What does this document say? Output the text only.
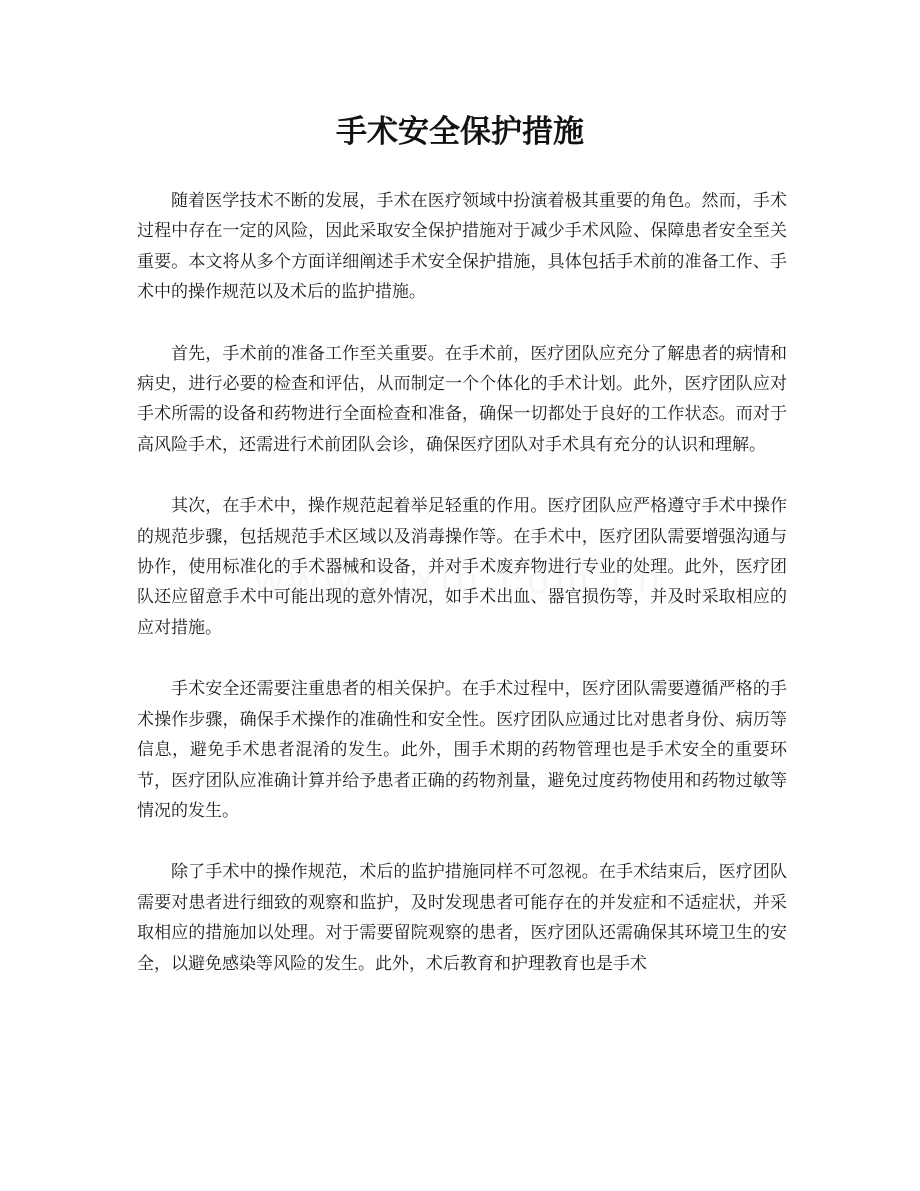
手术安全保护措施

随着医学技术不断的发展，手术在医疗领域中扮演着极其重要的角色。然而，手术过程中存在一定的风险，因此采取安全保护措施对于减少手术风险、保障患者安全至关重要。本文将从多个方面详细阐述手术安全保护措施，具体包括手术前的准备工作、手术中的操作规范以及术后的监护措施。

首先，手术前的准备工作至关重要。在手术前，医疗团队应充分了解患者的病情和病史，进行必要的检查和评估，从而制定一个个体化的手术计划。此外，医疗团队应对手术所需的设备和药物进行全面检查和准备，确保一切都处于良好的工作状态。而对于高风险手术，还需进行术前团队会诊，确保医疗团队对手术具有充分的认识和理解。

其次，在手术中，操作规范起着举足轻重的作用。医疗团队应严格遵守手术中操作的规范步骤，包括规范手术区域以及消毒操作等。在手术中，医疗团队需要增强沟通与协作，使用标准化的手术器械和设备，并对手术废弃物进行专业的处理。此外，医疗团队还应留意手术中可能出现的意外情况，如手术出血、器官损伤等，并及时采取相应的应对措施。

手术安全还需要注重患者的相关保护。在手术过程中，医疗团队需要遵循严格的手术操作步骤，确保手术操作的准确性和安全性。医疗团队应通过比对患者身份、病历等信息，避免手术患者混淆的发生。此外，围手术期的药物管理也是手术安全的重要环节，医疗团队应准确计算并给予患者正确的药物剂量，避免过度药物使用和药物过敏等情况的发生。

除了手术中的操作规范，术后的监护措施同样不可忽视。在手术结束后，医疗团队需要对患者进行细致的观察和监护，及时发现患者可能存在的并发症和不适症状，并采取相应的措施加以处理。对于需要留院观察的患者，医疗团队还需确保其环境卫生的安全，以避免感染等风险的发生。此外，术后教育和护理教育也是手术
